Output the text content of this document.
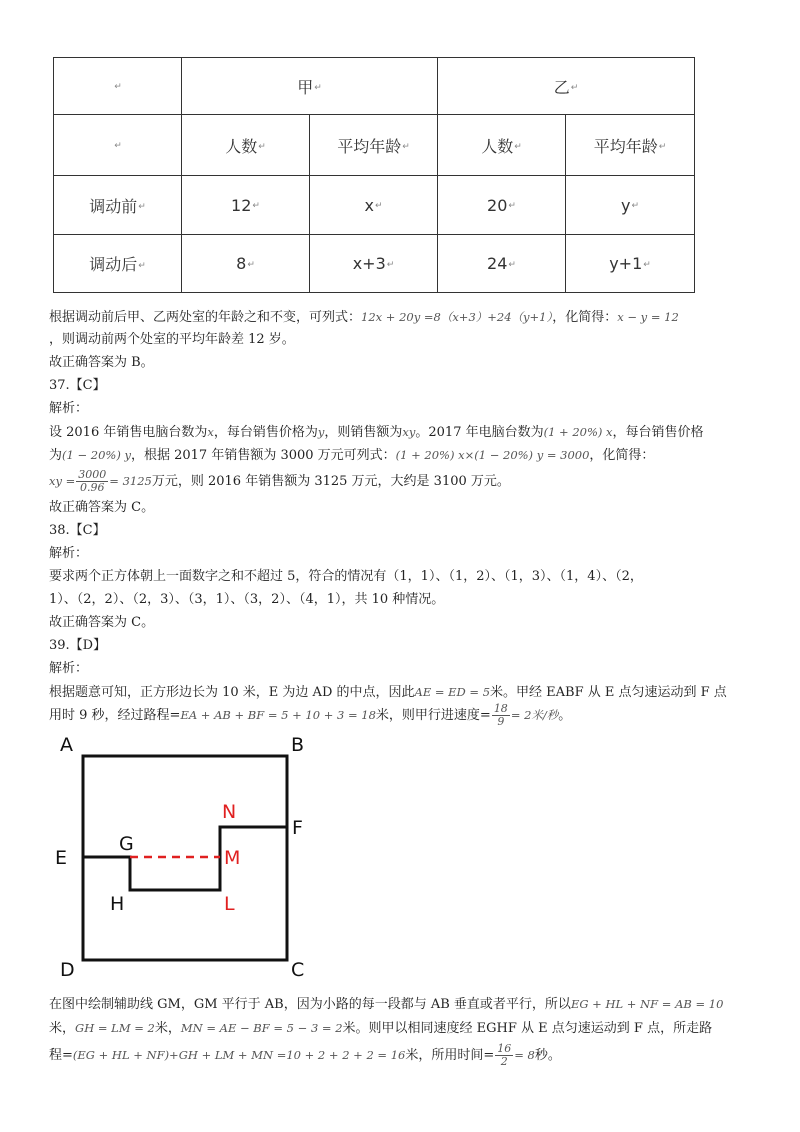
↵	甲↵		乙↵	
↵	人数↵	平均年龄↵	人数↵	平均年龄↵
调动前↵	12↵	x↵	20↵	y↵
调动后↵	8↵	x+3↵	24↵	y+1↵
根据调动前后甲、乙两处室的年龄之和不变，可列式：12x + 20y =8（x+3）+24（y+1），化简得：x − y = 12
，则调动前两个处室的平均年龄差 12 岁。
故正确答案为 B。
37.【C】
解析：
设 2016 年销售电脑台数为x，每台销售价格为y，则销售额为xy。2017 年电脑台数为(1 + 20%) x，每台销售价格
为(1 − 20%) y，根据 2017 年销售额为 3000 万元可列式：(1 + 20%) x×(1 − 20%) y = 3000，化简得：
xy = $\frac{3000}{0.96} = 3125$万元，则 2016 年销售额为 3125 万元，大约是 3100 万元。
故正确答案为 C。
38.【C】
解析：
要求两个正方体朝上一面数字之和不超过 5，符合的情况有（1，1）、（1，2）、（1，3）、（1，4）、（2，
1）、（2，2）、（2，3）、（3，1）、（3，2）、（4，1），共 10 种情况。
故正确答案为 C。
39.【D】
解析：
根据题意可知，正方形边长为 10 米，E 为边 AD 的中点，因此AE = ED = 5米。甲经 EABF 从 E 点匀速运动到 F 点
用时 9 秒，经过路程=EA + AB + BF = 5 + 10 + 3 = 18米，则甲行进速度= $\frac{18}{9} = 2$米/秒。
A	B
C
D
E
F
G
H	L
M
N
在图中绘制辅助线 GM，GM 平行于 AB，因为小路的每一段都与 AB 垂直或者平行，所以EG + HL + NF = AB = 10
米，GH = LM = 2米，MN = AE − BF = 5 − 3 = 2米。则甲以相同速度经 EGHF 从 E 点匀速运动到 F 点，所走路
程=(EG + HL + NF)+GH + LM + MN =10 + 2 + 2 + 2 = 16米，所用时间= $\frac{16}{2} = 8$秒。
